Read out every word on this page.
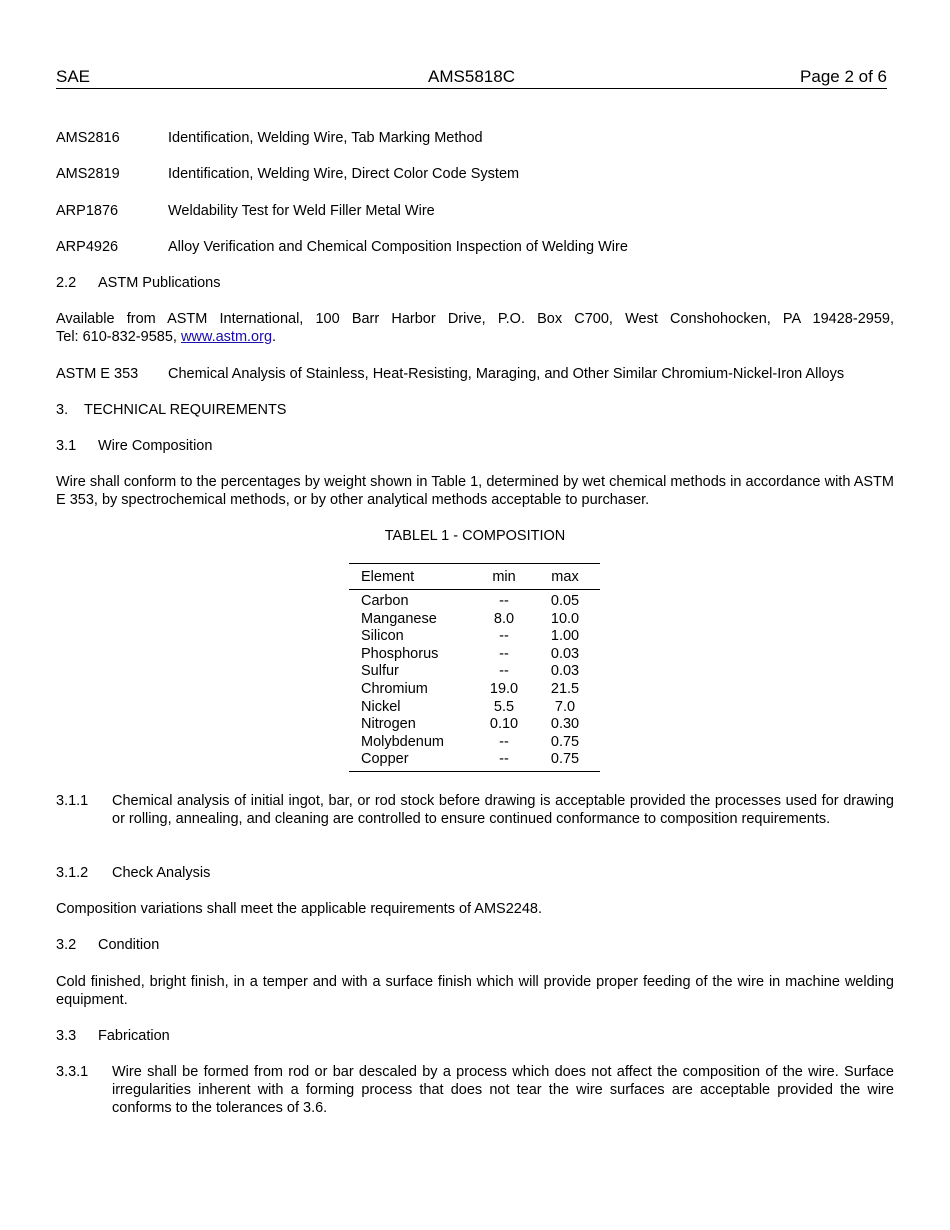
SAE	AMS5818C	Page 2 of 6
AMS2816	Identification, Welding Wire, Tab Marking Method
AMS2819	Identification, Welding Wire, Direct Color Code System
ARP1876	Weldability Test for Weld Filler Metal Wire
ARP4926	Alloy Verification and Chemical Composition Inspection of Welding Wire
2.2 ASTM Publications
Available from ASTM International, 100 Barr Harbor Drive, P.O. Box C700, West Conshohocken, PA 19428-2959,
Tel: 610-832-9585, www.astm.org.
ASTM E 353 Chemical Analysis of Stainless, Heat-Resisting, Maraging, and Other Similar Chromium-Nickel-Iron Alloys
3. TECHNICAL REQUIREMENTS
3.1 Wire Composition
Wire shall conform to the percentages by weight shown in Table 1, determined by wet chemical methods in accordance with ASTM E 353, by spectrochemical methods, or by other analytical methods acceptable to purchaser.
TABLEL 1 - COMPOSITION
Element	min	max
Carbon	--	0.05
Manganese	8.0	10.0
Silicon	--	1.00
Phosphorus	--	0.03
Sulfur	--	0.03
Chromium	19.0	21.5
Nickel	5.5	7.0
Nitrogen	0.10	0.30
Molybdenum	--	0.75
Copper	--	0.75
3.1.1 Chemical analysis of initial ingot, bar, or rod stock before drawing is acceptable provided the processes used for drawing or rolling, annealing, and cleaning are controlled to ensure continued conformance to composition requirements.
3.1.2 Check Analysis
Composition variations shall meet the applicable requirements of AMS2248.
3.2 Condition
Cold finished, bright finish, in a temper and with a surface finish which will provide proper feeding of the wire in machine welding equipment.
3.3 Fabrication
3.3.1 Wire shall be formed from rod or bar descaled by a process which does not affect the composition of the wire. Surface irregularities inherent with a forming process that does not tear the wire surfaces are acceptable provided the wire conforms to the tolerances of 3.6.
